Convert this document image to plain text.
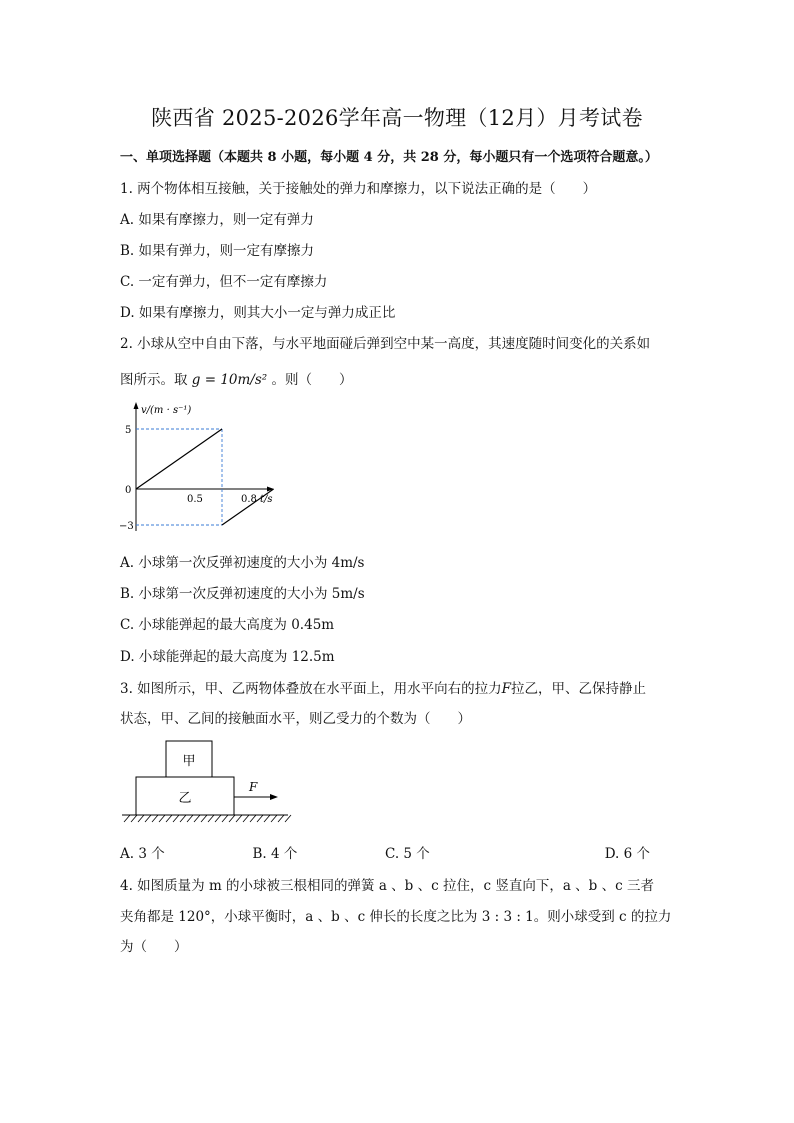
陕西省 2025-2026学年高一物理（12月）月考试卷
一、单项选择题（本题共 8 小题，每小题 4 分，共 28 分，每小题只有一个选项符合题意。）
1. 两个物体相互接触，关于接触处的弹力和摩擦力，以下说法正确的是（　　）
A. 如果有摩擦力，则一定有弹力
B. 如果有弹力，则一定有摩擦力
C. 一定有弹力，但不一定有摩擦力
D. 如果有摩擦力，则其大小一定与弹力成正比
2. 小球从空中自由下落，与水平地面碰后弹到空中某一高度，其速度随时间变化的关系如
图所示。取 g = 10m/s² 。则（　　）
v/(m · s⁻¹)
t/s
5
0
−3
0.5	0.8
A. 小球第一次反弹初速度的大小为 4m/s
B. 小球第一次反弹初速度的大小为 5m/s
C. 小球能弹起的最大高度为 0.45m
D. 小球能弹起的最大高度为 12.5m
3. 如图所示，甲、乙两物体叠放在水平面上，用水平向右的拉力F拉乙，甲、乙保持静止
状态，甲、乙间的接触面水平，则乙受力的个数为（　　）
甲
乙
F
A. 3 个	B. 4 个	C. 5 个	D. 6 个
4. 如图质量为 m 的小球被三根相同的弹簧 a 、b 、c 拉住，c 竖直向下，a 、b 、c 三者
夹角都是 120°，小球平衡时，a 、b 、c 伸长的长度之比为 3 : 3 : 1。则小球受到 c 的拉力
为（　　）
